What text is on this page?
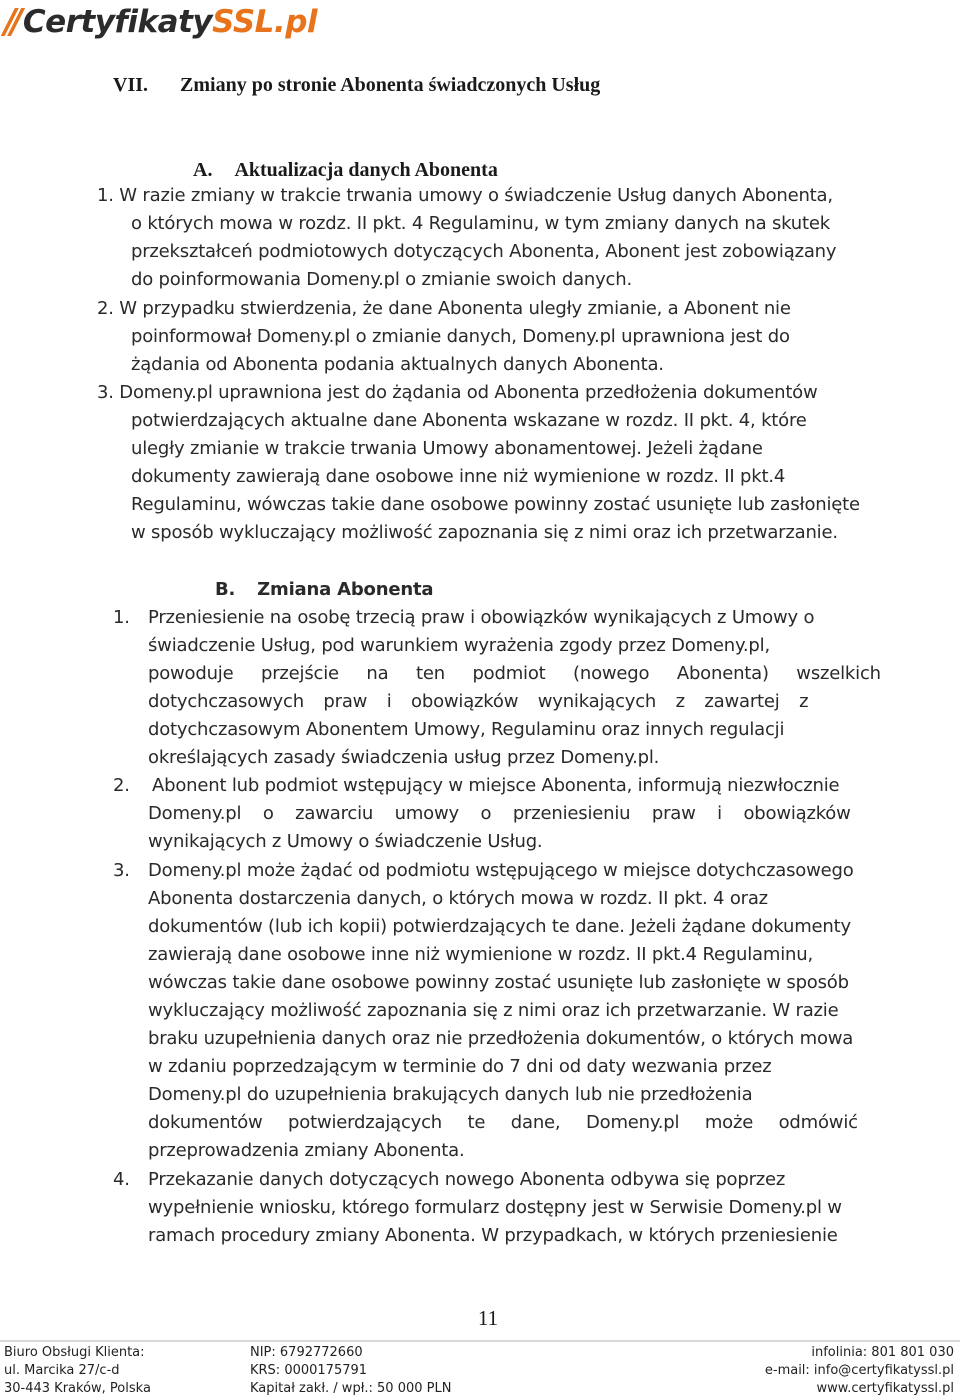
// CertyfikatySSL.pl
VII. Zmiany po stronie Abonenta świadczonych Usług
A. Aktualizacja danych Abonenta
1. W razie zmiany w trakcie trwania umowy o świadczenie Usług danych Abonenta,
o których mowa w rozdz. II pkt. 4 Regulaminu, w tym zmiany danych na skutek
przekształceń podmiotowych dotyczących Abonenta, Abonent jest zobowiązany
do poinformowania Domeny.pl o zmianie swoich danych.
2. W przypadku stwierdzenia, że dane Abonenta uległy zmianie, a Abonent nie
poinformował Domeny.pl o zmianie danych, Domeny.pl uprawniona jest do
żądania od Abonenta podania aktualnych danych Abonenta.
3. Domeny.pl uprawniona jest do żądania od Abonenta przedłożenia dokumentów
potwierdzających aktualne dane Abonenta wskazane w rozdz. II pkt. 4, które
uległy zmianie w trakcie trwania Umowy abonamentowej. Jeżeli żądane
dokumenty zawierają dane osobowe inne niż wymienione w rozdz. II pkt.4
Regulaminu, wówczas takie dane osobowe powinny zostać usunięte lub zasłonięte
w sposób wykluczający możliwość zapoznania się z nimi oraz ich przetwarzanie.
B. Zmiana Abonenta
1. Przeniesienie na osobę trzecią praw i obowiązków wynikających z Umowy o
świadczenie Usług, pod warunkiem wyrażenia zgody przez Domeny.pl,
powoduje przejście na ten podmiot (nowego Abonenta) wszelkich
dotychczasowych praw i obowiązków wynikających z zawartej z
dotychczasowym Abonentem Umowy, Regulaminu oraz innych regulacji
określających zasady świadczenia usług przez Domeny.pl.
2. Abonent lub podmiot wstępujący w miejsce Abonenta, informują niezwłocznie
Domeny.pl o zawarciu umowy o przeniesieniu praw i obowiązków
wynikających z Umowy o świadczenie Usług.
3. Domeny.pl może żądać od podmiotu wstępującego w miejsce dotychczasowego
Abonenta dostarczenia danych, o których mowa w rozdz. II pkt. 4 oraz
dokumentów (lub ich kopii) potwierdzających te dane. Jeżeli żądane dokumenty
zawierają dane osobowe inne niż wymienione w rozdz. II pkt.4 Regulaminu,
wówczas takie dane osobowe powinny zostać usunięte lub zasłonięte w sposób
wykluczający możliwość zapoznania się z nimi oraz ich przetwarzanie. W razie
braku uzupełnienia danych oraz nie przedłożenia dokumentów, o których mowa
w zdaniu poprzedzającym w terminie do 7 dni od daty wezwania przez
Domeny.pl do uzupełnienia brakujących danych lub nie przedłożenia
dokumentów potwierdzających te dane, Domeny.pl może odmówić
przeprowadzenia zmiany Abonenta.
4. Przekazanie danych dotyczących nowego Abonenta odbywa się poprzez
wypełnienie wniosku, którego formularz dostępny jest w Serwisie Domeny.pl w
ramach procedury zmiany Abonenta. W przypadkach, w których przeniesienie
11
Biuro Obsługi Klienta:
ul. Marcika 27/c-d
30-443 Kraków, Polska
NIP: 6792772660
KRS: 0000175791
Kapitał zakł. / wpł.: 50 000 PLN
infolinia: 801 801 030
e-mail: info@certyfikatyssl.pl
www.certyfikatyssl.pl
